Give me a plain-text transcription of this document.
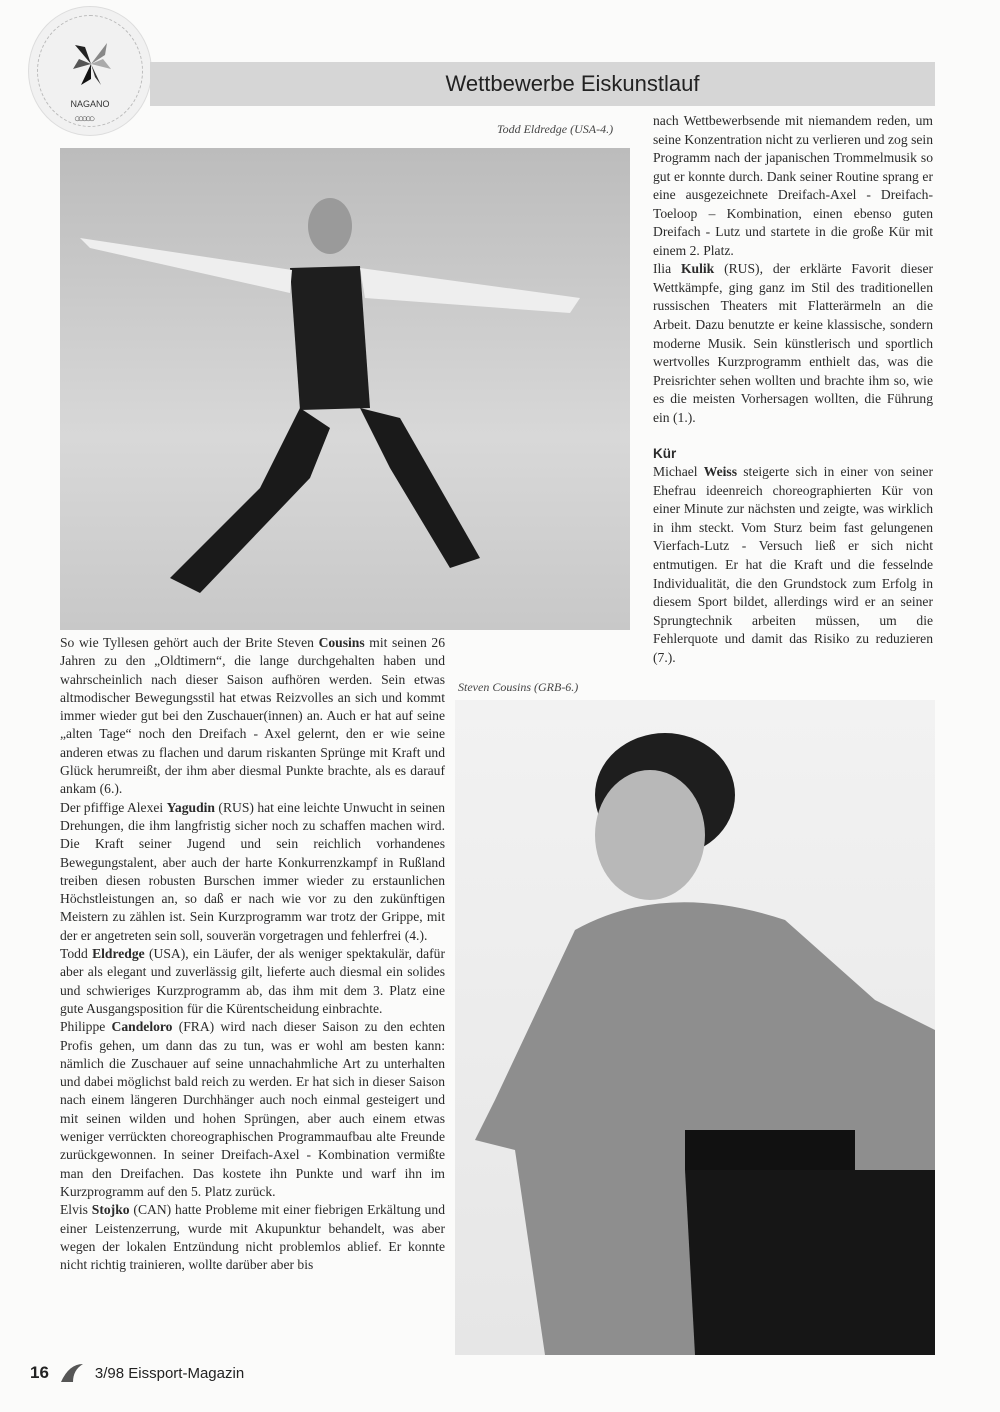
NAGANO
○○○○○
Wettbewerbe Eiskunstlauf
Todd Eldredge (USA-4.)

So wie Tyllesen gehört auch der Brite Steven Cousins mit seinen 26 Jahren zu den „Oldtimern“, die lange durchgehalten haben und wahrscheinlich nach dieser Saison aufhören werden. Sein etwas altmodischer Bewegungsstil hat etwas Reizvolles an sich und kommt immer wieder gut bei den Zuschauer(innen) an. Auch er hat auf seine „alten Tage“ noch den Dreifach - Axel gelernt, den er wie seine anderen etwas zu flachen und darum riskanten Sprünge mit Kraft und Glück herumreißt, der ihm aber diesmal Punkte brachte, als es darauf ankam (6.).

Der pfiffige Alexei Yagudin (RUS) hat eine leichte Unwucht in seinen Drehungen, die ihm langfristig sicher noch zu schaffen machen wird. Die Kraft seiner Jugend und sein reichlich vorhandenes Bewegungstalent, aber auch der harte Konkurrenzkampf in Rußland treiben diesen robusten Burschen immer wieder zu erstaunlichen Höchstleistungen an, so daß er nach wie vor zu den zukünftigen Meistern zu zählen ist. Sein Kurzprogramm war trotz der Grippe, mit der er angetreten sein soll, souverän vorgetragen und fehlerfrei (4.).

Todd Eldredge (USA), ein Läufer, der als weniger spektakulär, dafür aber als elegant und zuverlässig gilt, lieferte auch diesmal ein solides und schwieriges Kurzprogramm ab, das ihm mit dem 3. Platz eine gute Ausgangsposition für die Kürentscheidung einbrachte.

Philippe Candeloro (FRA) wird nach dieser Saison zu den echten Profis gehen, um dann das zu tun, was er wohl am besten kann: nämlich die Zuschauer auf seine unnachahmliche Art zu unterhalten und dabei möglichst bald reich zu werden. Er hat sich in dieser Saison nach einem längeren Durchhänger auch noch einmal gesteigert und mit seinen wilden und hohen Sprüngen, aber auch einem etwas weniger verrückten choreographischen Programmaufbau alte Freunde zurückgewonnen. In seiner Dreifach-Axel - Kombination vermißte man den Dreifachen. Das kostete ihn Punkte und warf ihn im Kurzprogramm auf den 5. Platz zurück.

Elvis Stojko (CAN) hatte Probleme mit einer fiebrigen Erkältung und einer Leistenzerrung, wurde mit Akupunktur behandelt, was aber wegen der lokalen Entzündung nicht problemlos ablief. Er konnte nicht richtig trainieren, wollte darüber aber bis

nach Wettbewerbsende mit niemandem reden, um seine Konzentration nicht zu verlieren und zog sein Programm nach der japanischen Trommelmusik so gut er konnte durch. Dank seiner Routine sprang er eine ausgezeichnete Dreifach-Axel - Dreifach-Toeloop – Kombination, einen ebenso guten Dreifach - Lutz und startete in die große Kür mit einem 2. Platz.

Ilia Kulik (RUS), der erklärte Favorit dieser Wettkämpfe, ging ganz im Stil des traditionellen russischen Theaters mit Flatterärmeln an die Arbeit. Dazu benutzte er keine klassische, sondern moderne Musik. Sein künstlerisch und sportlich wertvolles Kurzprogramm enthielt das, was die Preisrichter sehen wollten und brachte ihm so, wie es die meisten Vorhersagen wollten, die Führung ein (1.).

Kür

Michael Weiss steigerte sich in einer von seiner Ehefrau ideenreich choreographierten Kür von einer Minute zur nächsten und zeigte, was wirklich in ihm steckt. Vom Sturz beim fast gelungenen Vierfach-Lutz - Versuch ließ er sich nicht entmutigen. Er hat die Kraft und die fesselnde Individualität, die den Grundstock zum Erfolg in diesem Sport bildet, allerdings wird er an seiner Sprungtechnik arbeiten müssen, um die Fehlerquote und damit das Risiko zu reduzieren (7.).

Steven Cousins (GRB-6.)
16	3/98 Eissport-Magazin
